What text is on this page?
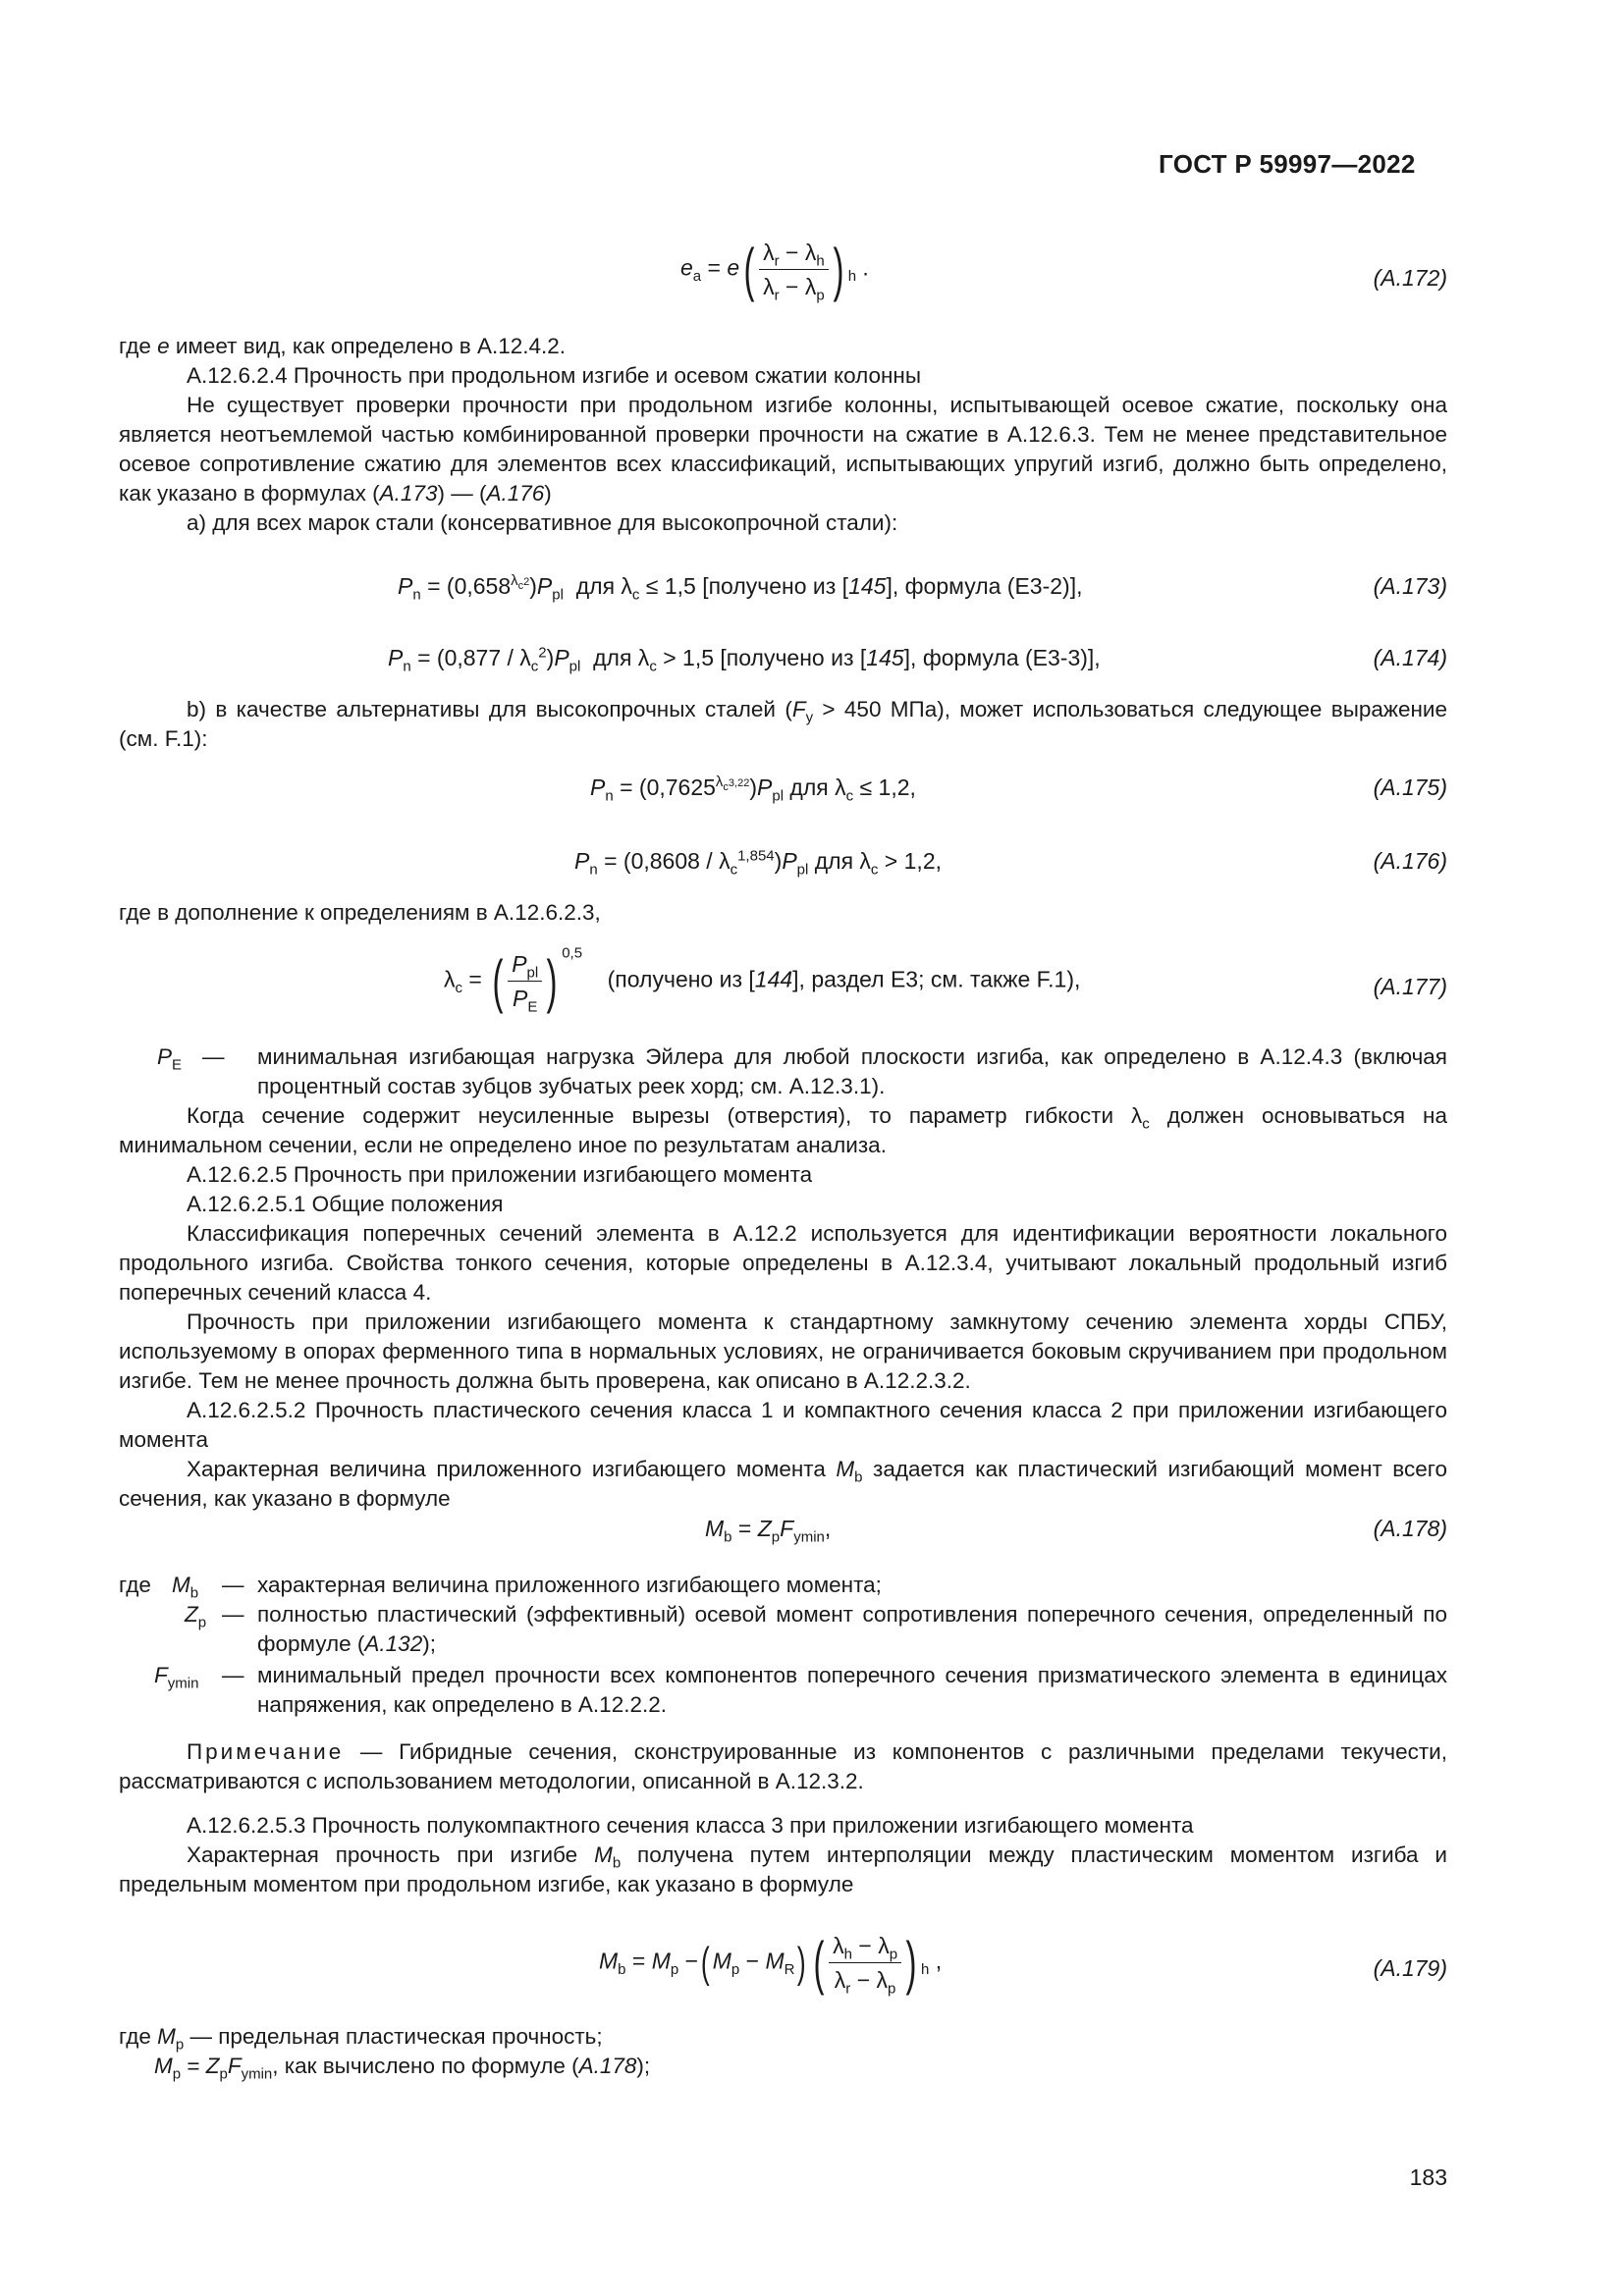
ГОСТ Р 59997—2022
$e_a = e( \frac{\lambda_r - \lambda_h}{\lambda_r - \lambda_p}$ ) $_h$ .	(A.172)
где e имеет вид, как определено в А.12.4.2.
А.12.6.2.4 Прочность при продольном изгибе и осевом сжатии колонны
Не существует проверки прочности при продольном изгибе колонны, испытывающей осевое сжатие, поскольку она является неотъемлемой частью комбинированной проверки прочности на сжатие в А.12.6.3. Тем не менее представительное осевое сопротивление сжатию для элементов всех классификаций, испытывающих упругий изгиб, должно быть определено, как указано в формулах (A.173) — (A.176)
а) для всех марок стали (консервативное для высокопрочной стали):
$P_n = (0,658^{\lambda_c2})P_{pl}$  для $\lambda_c \le 1,5$ [получено из [145], формула (E3-2)],	(A.173)
$P_n = (0,877 / \lambda_c^2)P_{pl}$  для $\lambda_c > 1,5$ [получено из [145], формула (E3-3)],	(A.174)
b) в качестве альтернативы для высокопрочных сталей ($F_y > 450$ МПа), может использоваться следующее выражение (см. F.1):
$P_n = (0,7625^{\lambda_c3,22})P_{pl}$ для $\lambda_c \le 1,2$,	(A.175)
$P_n = (0,8608 / \lambda_c^{1,854})P_{pl}$ для $\lambda_c > 1,2$,	(A.176)
где в дополнение к определениям в А.12.6.2.3,
$\lambda_c$ = ( $\frac{P_{pl}}{P_E}$ ) $^{0,5}$    (получено из [144], раздел E3; см. также F.1),	(A.177)
$P_E$ — минимальная изгибающая нагрузка Эйлера для любой плоскости изгиба, как определено в А.12.4.3 (включая процентный состав зубцов зубчатых реек хорд; см. А.12.3.1).
Когда сечение содержит неусиленные вырезы (отверстия), то параметр гибкости $\lambda_c$ должен основываться на минимальном сечении, если не определено иное по результатам анализа.
А.12.6.2.5 Прочность при приложении изгибающего момента
А.12.6.2.5.1 Общие положения
Классификация поперечных сечений элемента в А.12.2 используется для идентификации вероятности локального продольного изгиба. Свойства тонкого сечения, которые определены в А.12.3.4, учитывают локальный продольный изгиб поперечных сечений класса 4.
Прочность при приложении изгибающего момента к стандартному замкнутому сечению элемента хорды СПБУ, используемому в опорах ферменного типа в нормальных условиях, не ограничивается боковым скручиванием при продольном изгибе. Тем не менее прочность должна быть проверена, как описано в А.12.2.3.2.
А.12.6.2.5.2 Прочность пластического сечения класса 1 и компактного сечения класса 2 при приложении изгибающего момента
Характерная величина приложенного изгибающего момента $M_b$ задается как пластический изгибающий момент всего сечения, как указано в формуле
$M_b = Z_pF_{ymin}$,	(A.178)
где $M_b$ — характерная величина приложенного изгибающего момента;
$Z_p$ — полностью пластический (эффективный) осевой момент сопротивления поперечного сечения, определенный по формуле (A.132);
$F_{ymin}$ — минимальный предел прочности всех компонентов поперечного сечения призматического элемента в единицах напряжения, как определено в А.12.2.2.
Примечание — Гибридные сечения, сконструированные из компонентов с различными пределами текучести, рассматриваются с использованием методологии, описанной в А.12.3.2.
А.12.6.2.5.3 Прочность полукомпактного сечения класса 3 при приложении изгибающего момента
Характерная прочность при изгибе $M_b$ получена путем интерполяции между пластическим моментом изгиба и предельным моментом при продольном изгибе, как указано в формуле
$M_b = M_p$ −( $M_p - M_R$) ( $\frac{\lambda_h - \lambda_p}{\lambda_r - \lambda_p}$ ) $_h$ ,	(A.179)
где $M_p$ — предельная пластическая прочность;
$M_p = Z_pF_{ymin}$, как вычислено по формуле (A.178);
183
